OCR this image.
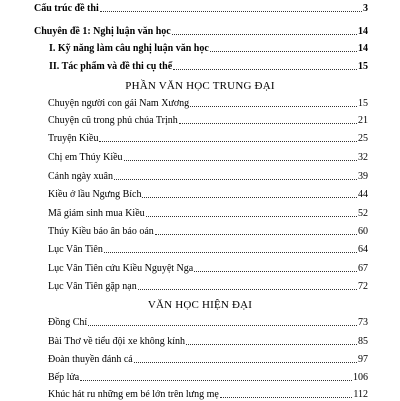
Cấu trúc đề thi	3
Chuyên đề 1: Nghị luận văn học	14
I. Kỹ năng làm câu nghị luận văn học	14
II. Tác phẩm và đề thi cụ thể	15
PHẦN VĂN HỌC TRUNG ĐẠI
Chuyện người con gái Nam Xương	15
Chuyện cũ trong phủ chúa Trịnh	21
Truyện Kiều	25
Chị em Thúy Kiều	32
Cảnh ngày xuân	39
Kiều ở lầu Ngưng Bích	44
Mã giám sinh mua Kiều	52
Thúy Kiều báo ân báo oán	60
Lục Vân Tiên	64
Lục Vân Tiên cứu Kiều Nguyệt Nga	67
Lục Vân Tiên gặp nạn	72
VĂN HỌC HIỆN ĐẠI
Đồng Chí	73
Bài Thơ về tiểu đội xe không kính	85
Đoàn thuyền đánh cá	97
Bếp lửa	106
Khúc hát ru những em bé lớn trên lưng mẹ	112
